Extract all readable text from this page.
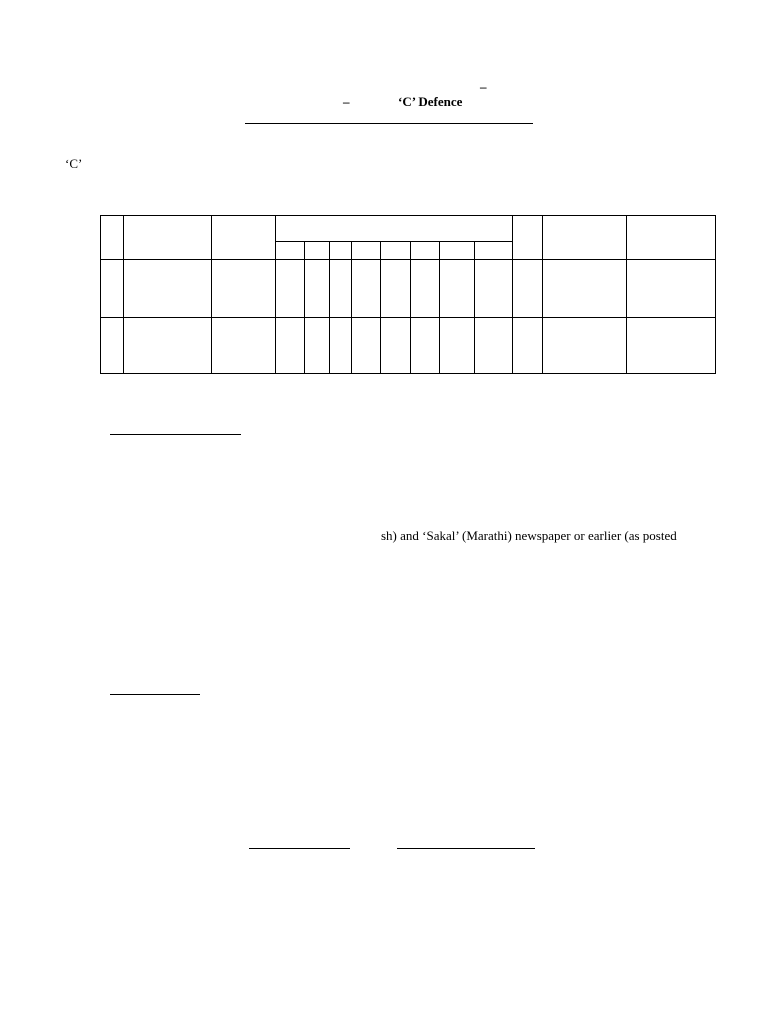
–
–	‘C’ Defence
‘C’

sh) and ‘Sakal’ (Marathi) newspaper or earlier (as posted
